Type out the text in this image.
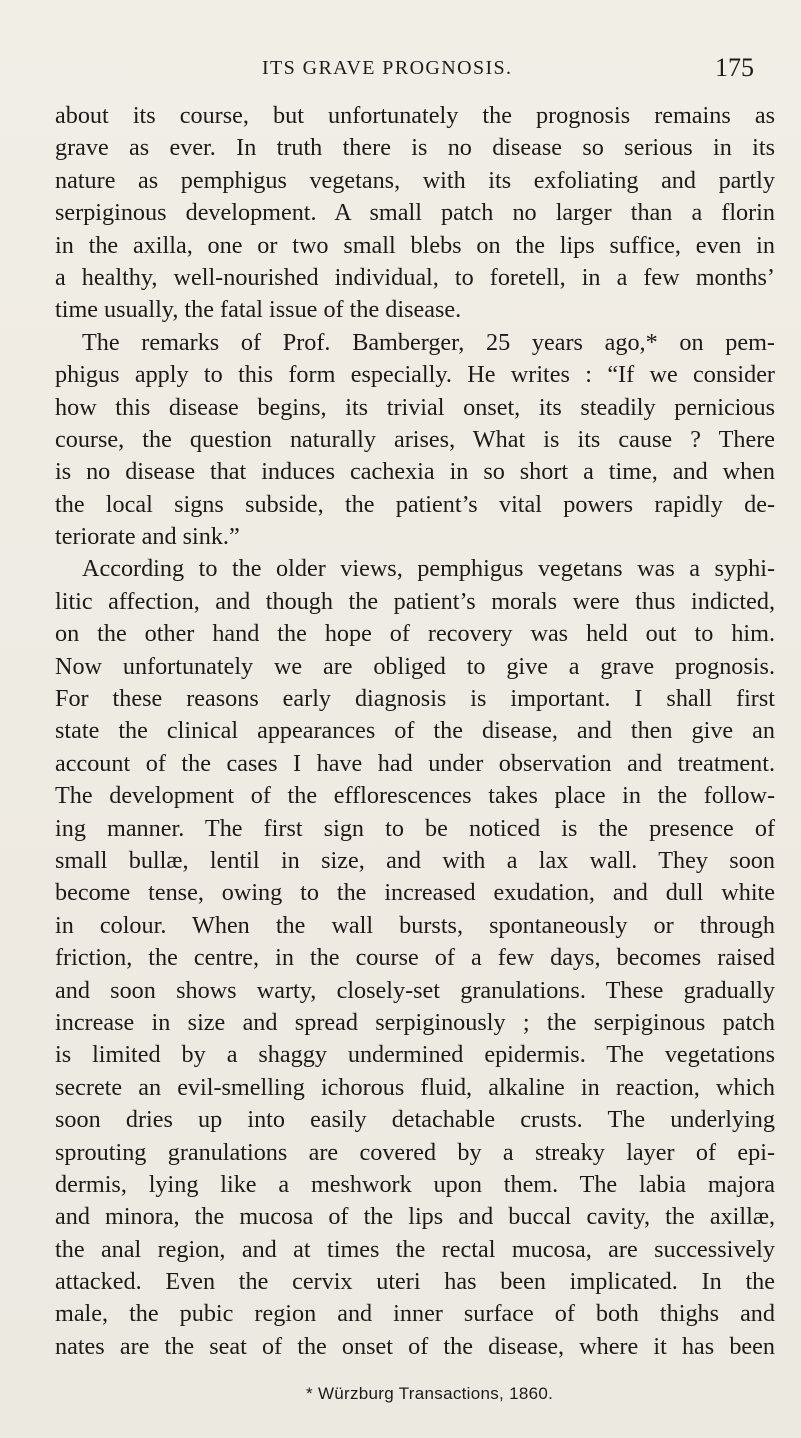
ITS GRAVE PROGNOSIS.	175
about its course, but unfortunately the prognosis remains as
grave as ever. In truth there is no disease so serious in its
nature as pemphigus vegetans, with its exfoliating and partly
serpiginous development. A small patch no larger than a florin
in the axilla, one or two small blebs on the lips suffice, even in
a healthy, well-nourished individual, to foretell, in a few months’
time usually, the fatal issue of the disease.
The remarks of Prof. Bamberger, 25 years ago,* on pem-
phigus apply to this form especially. He writes : “If we consider
how this disease begins, its trivial onset, its steadily pernicious
course, the question naturally arises, What is its cause ? There
is no disease that induces cachexia in so short a time, and when
the local signs subside, the patient’s vital powers rapidly de-
teriorate and sink.”
According to the older views, pemphigus vegetans was a syphi-
litic affection, and though the patient’s morals were thus indicted,
on the other hand the hope of recovery was held out to him.
Now unfortunately we are obliged to give a grave prognosis.
For these reasons early diagnosis is important. I shall first
state the clinical appearances of the disease, and then give an
account of the cases I have had under observation and treatment.
The development of the efflorescences takes place in the follow-
ing manner. The first sign to be noticed is the presence of
small bullæ, lentil in size, and with a lax wall. They soon
become tense, owing to the increased exudation, and dull white
in colour. When the wall bursts, spontaneously or through
friction, the centre, in the course of a few days, becomes raised
and soon shows warty, closely-set granulations. These gradually
increase in size and spread serpiginously ; the serpiginous patch
is limited by a shaggy undermined epidermis. The vegetations
secrete an evil-smelling ichorous fluid, alkaline in reaction, which
soon dries up into easily detachable crusts. The underlying
sprouting granulations are covered by a streaky layer of epi-
dermis, lying like a meshwork upon them. The labia majora
and minora, the mucosa of the lips and buccal cavity, the axillæ,
the anal region, and at times the rectal mucosa, are successively
attacked. Even the cervix uteri has been implicated. In the
male, the pubic region and inner surface of both thighs and
nates are the seat of the onset of the disease, where it has been
* Würzburg Transactions, 1860.
